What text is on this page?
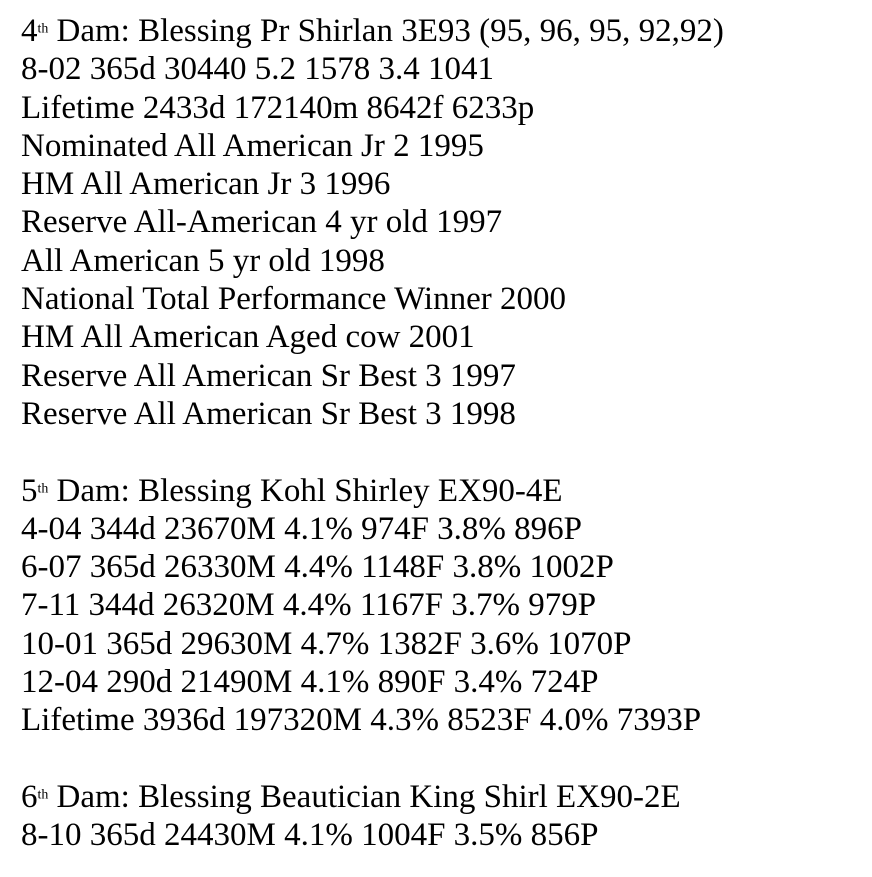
4th Dam: Blessing Pr Shirlan 3E93 (95, 96, 95, 92,92)

8-02 365d 30440 5.2 1578 3.4 1041

Lifetime 2433d 172140m 8642f 6233p

Nominated All American Jr 2 1995

HM All American Jr 3 1996

Reserve All-American 4 yr old 1997

All American 5 yr old 1998

National Total Performance Winner 2000

HM All American Aged cow 2001

Reserve All American Sr Best 3 1997

Reserve All American Sr Best 3 1998

5th Dam: Blessing Kohl Shirley EX90-4E

4-04 344d 23670M 4.1% 974F 3.8% 896P

6-07 365d 26330M 4.4% 1148F 3.8% 1002P

7-11 344d 26320M 4.4% 1167F 3.7% 979P

10-01 365d 29630M 4.7% 1382F 3.6% 1070P

12-04 290d 21490M 4.1% 890F 3.4% 724P

Lifetime 3936d 197320M 4.3% 8523F 4.0% 7393P

6th Dam: Blessing Beautician King Shirl EX90-2E

8-10 365d 24430M 4.1% 1004F 3.5% 856P
